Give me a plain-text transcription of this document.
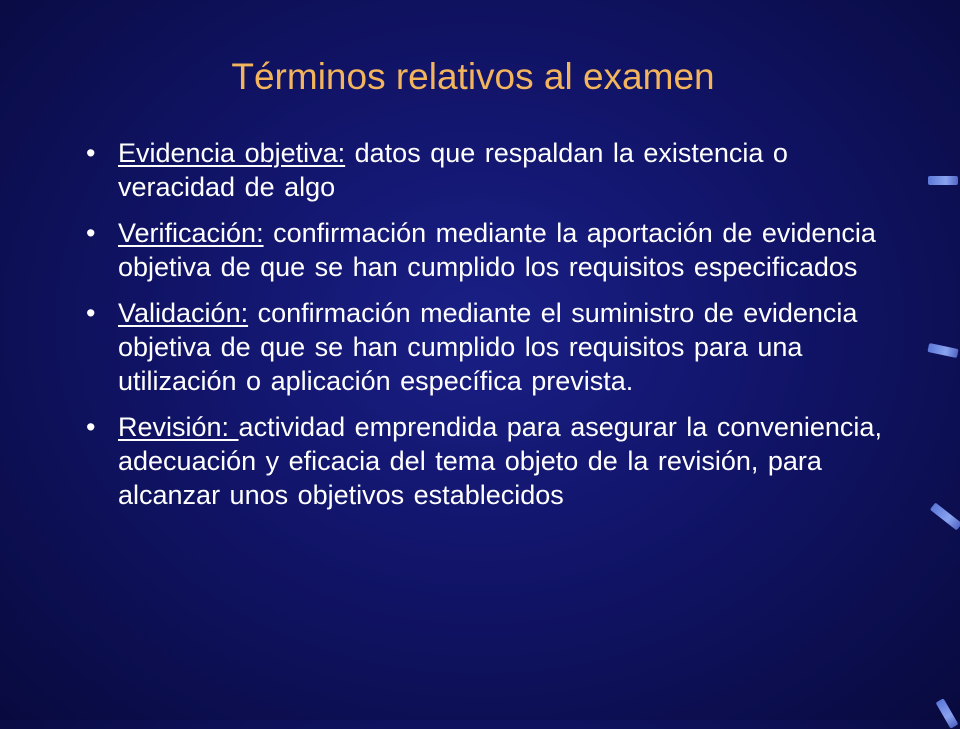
Términos relativos al examen
• Evidencia objetiva: datos que respaldan la existencia o veracidad de algo
• Verificación: confirmación mediante la aportación de evidencia objetiva de que se han cumplido los requisitos especificados
• Validación: confirmación mediante el suministro de evidencia objetiva de que se han cumplido los requisitos para una utilización o aplicación específica prevista.
• Revisión: actividad emprendida para asegurar la conveniencia, adecuación y eficacia del tema objeto de la revisión, para alcanzar unos objetivos establecidos
